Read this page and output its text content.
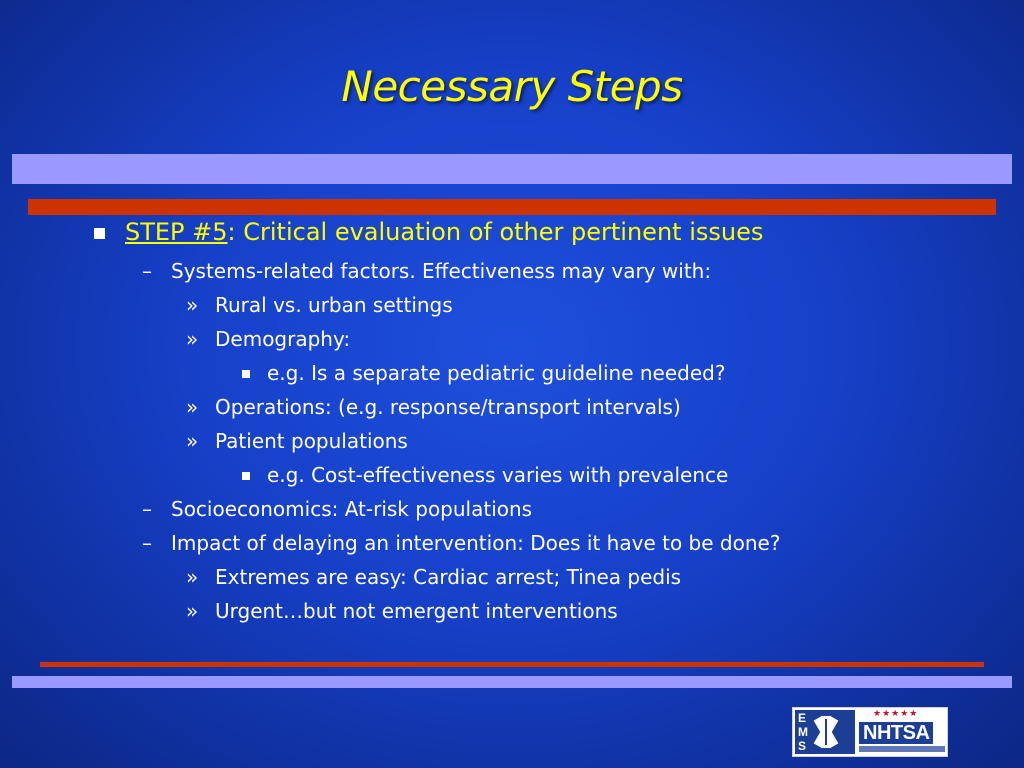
Necessary Steps
STEP #5: Critical evaluation of other pertinent issues
– Systems-related factors. Effectiveness may vary with:
» Rural vs. urban settings
» Demography:
e.g. Is a separate pediatric guideline needed?
» Operations: (e.g. response/transport intervals)
» Patient populations
e.g. Cost-effectiveness varies with prevalence
– Socioeconomics: At-risk populations
– Impact of delaying an intervention: Does it have to be done?
» Extremes are easy: Cardiac arrest; Tinea pedis
» Urgent…but not emergent interventions
E
M
S
★★★★★
NHTSA
